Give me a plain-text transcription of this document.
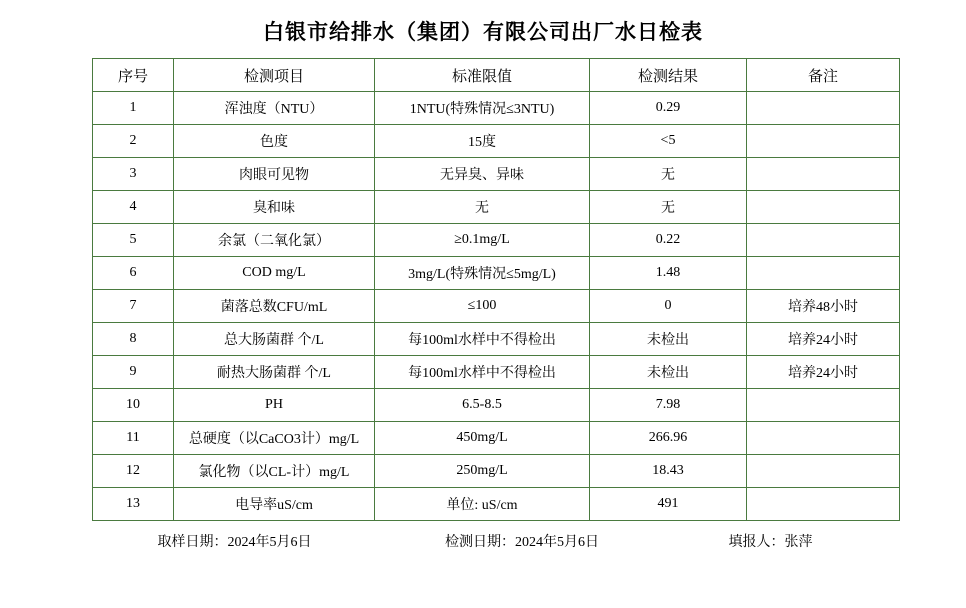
白银市给排水（集团）有限公司出厂水日检表
序号	检测项目	标准限值	检测结果	备注
1	浑浊度（NTU）	1NTU(特殊情况≤3NTU)	0.29	
2	色度	15度	<5	
3	肉眼可见物	无异臭、异味	无	
4	臭和味	无	无	
5	余氯（二氧化氯）	≥0.1mg/L	0.22	
6	COD mg/L	3mg/L(特殊情况≤5mg/L)	1.48	
7	菌落总数CFU/mL	≤100	0	培养48小时
8	总大肠菌群 个/L	每100ml水样中不得检出	未检出	培养24小时
9	耐热大肠菌群 个/L	每100ml水样中不得检出	未检出	培养24小时
10	PH	6.5-8.5	7.98	
11	总硬度（以CaCO3计）mg/L	450mg/L	266.96	
12	氯化物（以CL-计）mg/L	250mg/L	18.43	
13	电导率uS/cm	单位: uS/cm	491	
取样日期：2024年5月6日	检测日期：2024年5月6日	填报人：张萍
